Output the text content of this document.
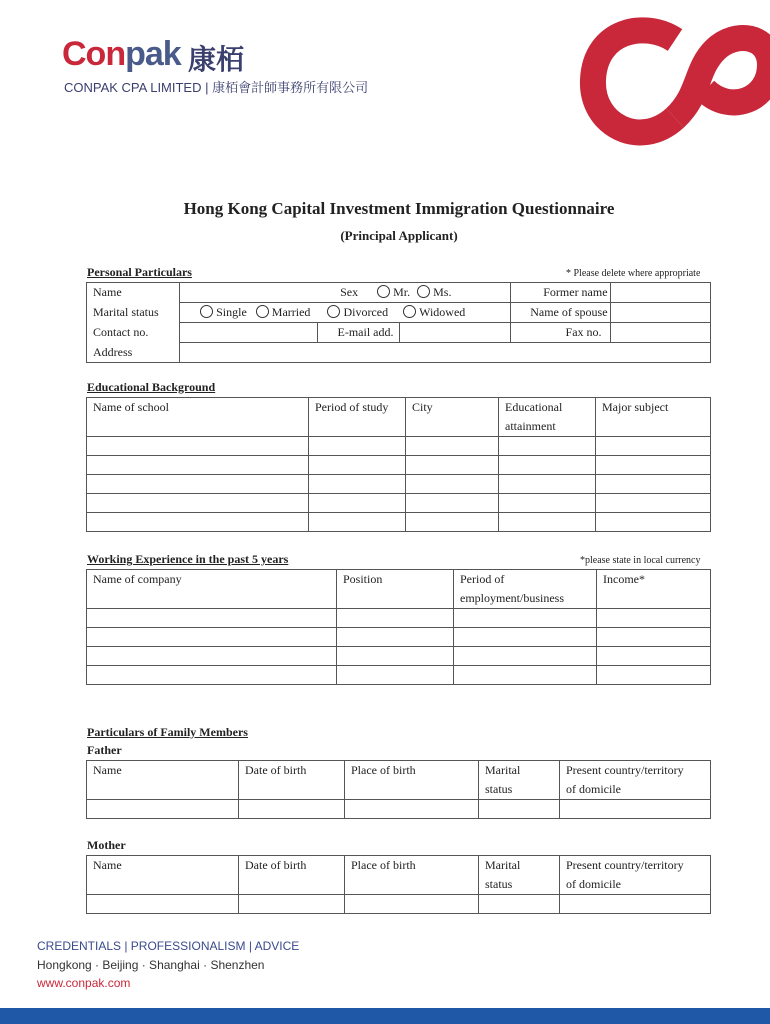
Conpak 康栢
CONPAK CPA LIMITED | 康栢會計師事務所有限公司
Hong Kong Capital Investment Immigration Questionnaire
(Principal Applicant)
Personal Particulars	* Please delete where appropriate
Name	Sex Mr. Ms.			Former name	
Marital status	Single Married Divorced Widowed			Name of spouse	
Contact no.		E-mail add.		Fax no.	
Address					
Educational Background
Name of school	Period of study	City	Educational
attainment	Major subject

Working Experience in the past 5 years	*please state in local currency
Name of company	Position	Period of
employment/business	Income*

Particulars of Family Members
Father
Name	Date of birth	Place of birth	Marital
status	Present country/territory
of domicile

Mother
Name	Date of birth	Place of birth	Marital
status	Present country/territory
of domicile

CREDENTIALS | PROFESSIONALISM | ADVICE
Hongkong · Beijing · Shanghai · Shenzhen
www.conpak.com
